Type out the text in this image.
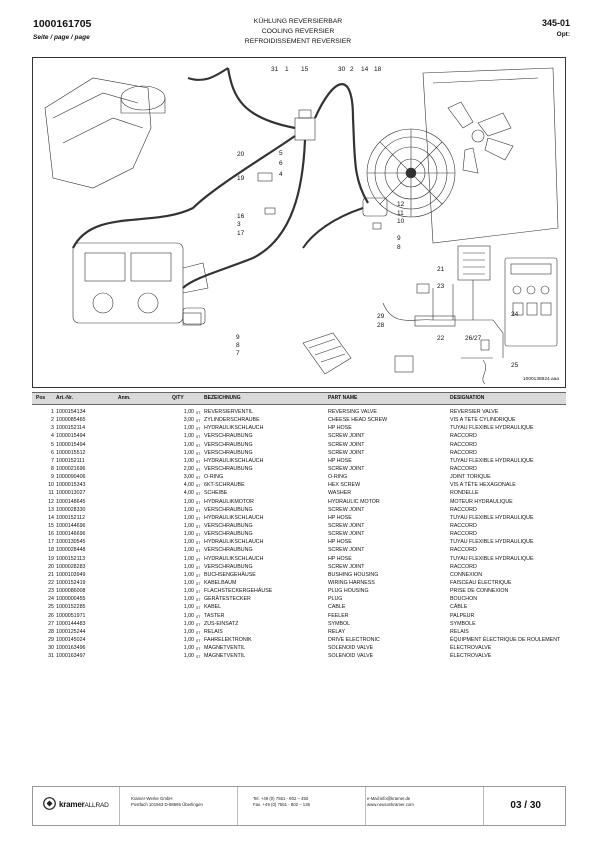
1000161705
Seite / page / page
KÜHLUNG REVERSIERBAR
COOLING REVERSIER
REFROIDISSEMENT REVERSIER
345-01
Opt:
31 1 15	30 2 14 18
20	5
6
19
4
16
3
17
12
11
10
9
8
21
23
22	26/27
24
25
29
28
9
8
7
1000138824.aaa
Pos Art.-Nr.	Anm.	Q/TY	BEZEICHNUNG	PART NAME	DESIGNATION
1 1000154134	1,00 ST REVERSIERVENTIL	REVERSING VALVE	REVERSIER VALVE
2 1000085465	3,00 ST ZYLINDERSCHRAUBE	CHEESE HEAD SCREW	VIS A TETE CYLINDRIQUE
3 1000152114	1,00 ST HYDRAULIKSCHLAUCH	HP HOSE	TUYAU FLEXIBLE HYDRAULIQUE
4 1000015494	1,00 ST VERSCHRAUBUNG	SCREW JOINT	RACCORD
5 1000015494	1,00 ST VERSCHRAUBUNG	SCREW JOINT	RACCORD
6 1000015512	1,00 ST VERSCHRAUBUNG	SCREW JOINT	RACCORD
7 1000152111	1,00 ST HYDRAULIKSCHLAUCH	HP HOSE	TUYAU FLEXIBLE HYDRAULIQUE
8 1000021696	2,00 ST VERSCHRAUBUNG	SCREW JOINT	RACCORD
9 1000090406	3,00 ST O-RING	O-RING	JOINT TORIQUE
10 1000015343	4,00 ST 6KT-SCHRAUBE	HEX SCREW	VIS A TÊTE HEXAGONALE
11 1000013027	4,00 ST SCHEIBE	WASHER	RONDELLE
12 1000148645	1,00 ST HYDRAULIKMOTOR	HYDRAULIC MOTOR	MOTEUR HYDRAULIQUE
13 1000028330	1,00 ST VERSCHRAUBUNG	SCREW JOINT	RACCORD
14 1000152112	1,00 ST HYDRAULIKSCHLAUCH	HP HOSE	TUYAU FLEXIBLE HYDRAULIQUE
15 1000144696	1,00 ST VERSCHRAUBUNG	SCREW JOINT	RACCORD
16 1000146696	1,00 ST VERSCHRAUBUNG	SCREW JOINT	RACCORD
17 1000130545	1,00 ST HYDRAULIKSCHLAUCH	HP HOSE	TUYAU FLEXIBLE HYDRAULIQUE
18 1000028448	1,00 ST VERSCHRAUBUNG	SCREW JOINT	RACCORD
19 1000152113	1,00 ST HYDRAULIKSCHLAUCH	HP HOSE	TUYAU FLEXIBLE HYDRAULIQUE
20 1000028283	1,00 ST VERSCHRAUBUNG	SCREW JOINT	RACCORD
21 1000103949	1,00 ST BUCHSENGEHÄUSE	BUSHING HOUSING	CONNEXION
22 1000152419	1,00 ST KABELBAUM	WIRING HARNESS	FAISCEAU ÉLECTRIQUE
23 1000086008	1,00 ST FLACHSTECKERGEHÄUSE	PLUG HOUSING	PRISE DE CONNEXION
24 1000000455	1,00 ST GERÄTESTECKER	PLUG	BOUCHON
25 1000152285	1,00 ST KABEL	CABLE	CÂBLE
26 1000051971	1,00 ST TASTER	FEELER	PALPEUR
27 1000144483	1,00 ST ZUS-EINSATZ	SYMBOL	SYMBOLE
28 1000125244	1,00 ST RELAIS	RELAY	RELAIS
29 1000145024	1,00 ST FAHRELEKTRONIK	DRIVE ELECTRONIC	ÉQUIPMENT ÉLECTRIQUE DE ROULEMENT
30 1000163496	1,00 ST MAGNETVENTIL	SOLENOID VALVE	ÉLECTROVALVE
31 1000163497	1,00 ST MAGNETVENTIL	SOLENOID VALVE	ÉLECTROVALVE
kramerALLRAD
Kramer-Werke GmbH
Postfach 101563 D-88665 Überlingen
Tel. +49 (0) 7551 - 802 – 450
Fax. +49 (0) 7551 - 802 – 136
e-Mail:info@kramer.de
www.neusonkramer.com	03 / 30
